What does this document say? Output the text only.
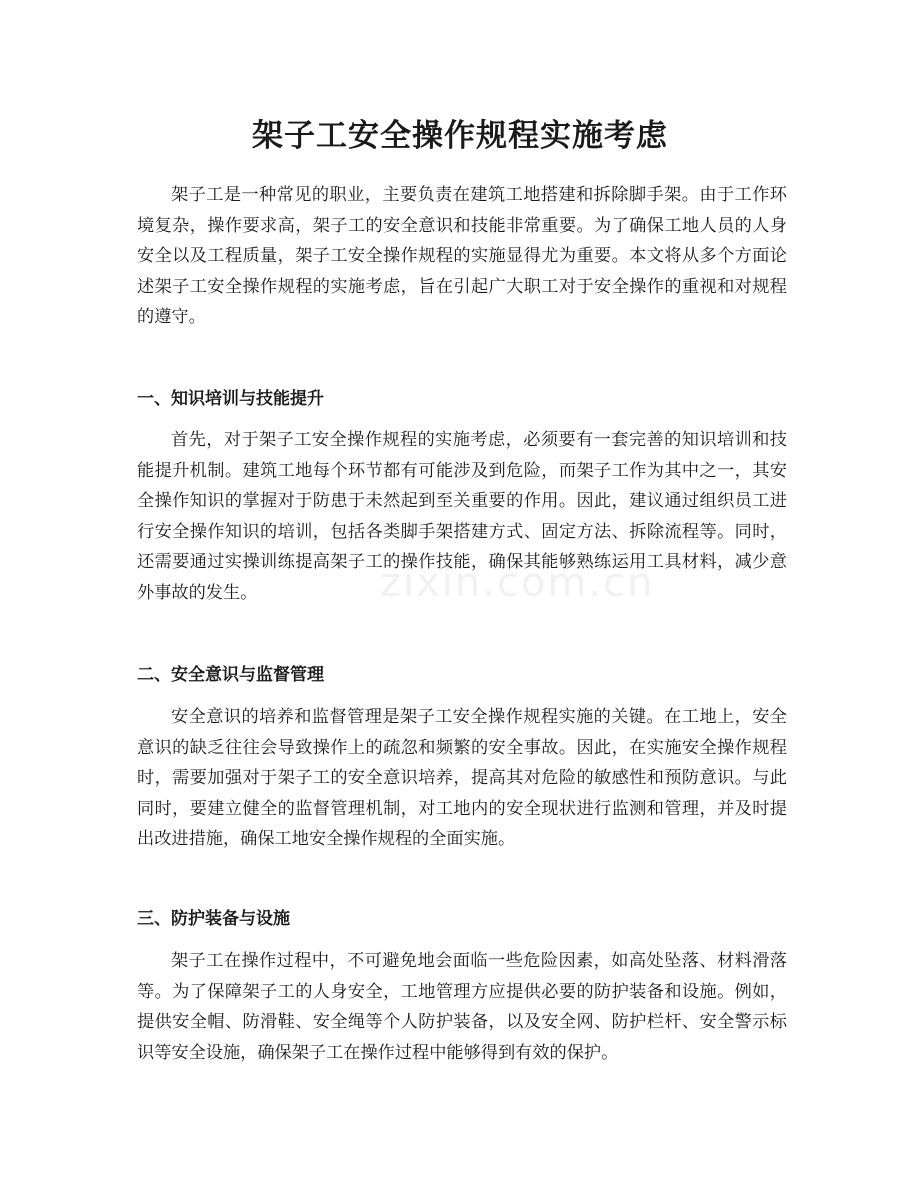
架子工安全操作规程实施考虑

架子工是一种常见的职业，主要负责在建筑工地搭建和拆除脚手架。由于工作环境复杂，操作要求高，架子工的安全意识和技能非常重要。为了确保工地人员的人身安全以及工程质量，架子工安全操作规程的实施显得尤为重要。本文将从多个方面论述架子工安全操作规程的实施考虑，旨在引起广大职工对于安全操作的重视和对规程的遵守。

一、知识培训与技能提升

首先，对于架子工安全操作规程的实施考虑，必须要有一套完善的知识培训和技能提升机制。建筑工地每个环节都有可能涉及到危险，而架子工作为其中之一，其安全操作知识的掌握对于防患于未然起到至关重要的作用。因此，建议通过组织员工进行安全操作知识的培训，包括各类脚手架搭建方式、固定方法、拆除流程等。同时，还需要通过实操训练提高架子工的操作技能，确保其能够熟练运用工具材料，减少意外事故的发生。

二、安全意识与监督管理

安全意识的培养和监督管理是架子工安全操作规程实施的关键。在工地上，安全意识的缺乏往往会导致操作上的疏忽和频繁的安全事故。因此，在实施安全操作规程时，需要加强对于架子工的安全意识培养，提高其对危险的敏感性和预防意识。与此同时，要建立健全的监督管理机制，对工地内的安全现状进行监测和管理，并及时提出改进措施，确保工地安全操作规程的全面实施。

三、防护装备与设施

架子工在操作过程中，不可避免地会面临一些危险因素，如高处坠落、材料滑落等。为了保障架子工的人身安全，工地管理方应提供必要的防护装备和设施。例如，提供安全帽、防滑鞋、安全绳等个人防护装备，以及安全网、防护栏杆、安全警示标识等安全设施，确保架子工在操作过程中能够得到有效的保护。

zixin.com.cn
